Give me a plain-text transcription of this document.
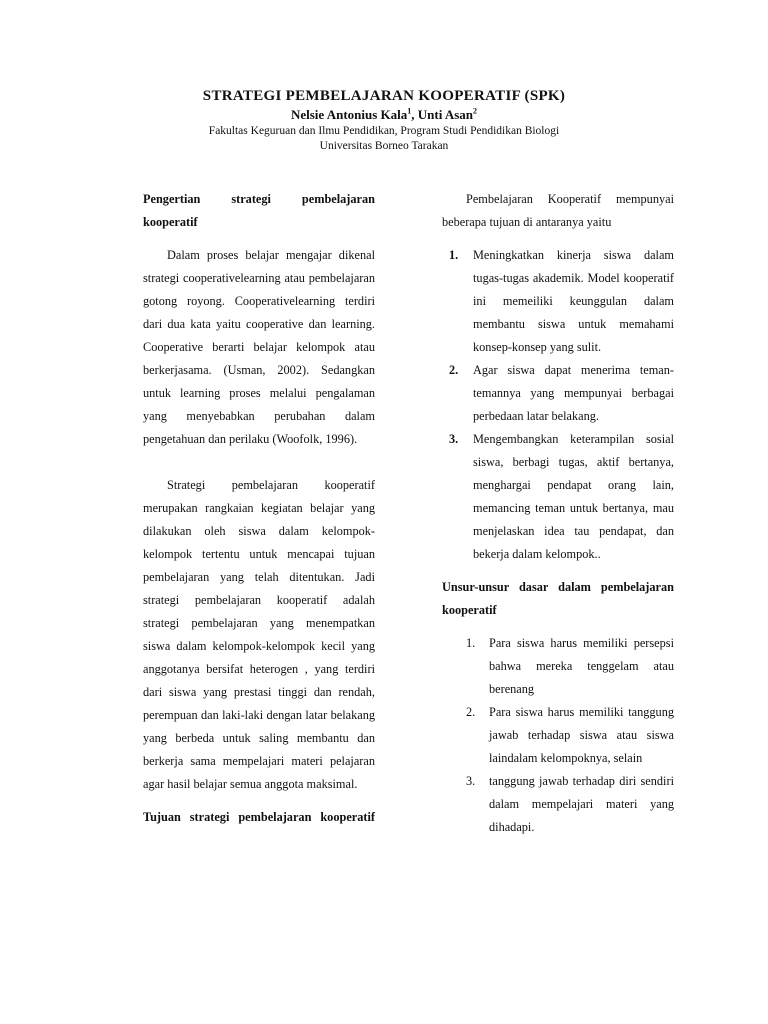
STRATEGI PEMBELAJARAN KOOPERATIF (SPK)
Nelsie Antonius Kala$^1$, Unti Asan$^2$
Fakultas Keguruan dan Ilmu Pendidikan, Program Studi Pendidikan Biologi
Universitas Borneo Tarakan
Pengertian strategi pembelajaran kooperatif

Dalam proses belajar mengajar dikenal strategi cooperativelearning atau pembelajaran gotong royong. Cooperativelearning terdiri dari dua kata yaitu cooperative dan learning. Cooperative berarti belajar kelompok atau berkerjasama. (Usman, 2002). Sedangkan untuk learning proses melalui pengalaman yang menyebabkan perubahan dalam pengetahuan dan perilaku (Woofolk, 1996).

Strategi pembelajaran kooperatif merupakan rangkaian kegiatan belajar yang dilakukan oleh siswa dalam kelompok-kelompok tertentu untuk mencapai tujuan pembelajaran yang telah ditentukan. Jadi strategi pembelajaran kooperatif adalah strategi pembelajaran yang menempatkan siswa dalam kelompok-kelompok kecil yang anggotanya bersifat heterogen , yang terdiri dari siswa yang prestasi tinggi dan rendah, perempuan dan laki-laki dengan latar belakang yang berbeda untuk saling membantu dan berkerja sama mempelajari materi pelajaran agar hasil belajar semua anggota maksimal.

Tujuan strategi pembelajaran kooperatif

Pembelajaran Kooperatif mempunyai beberapa tujuan di antaranya yaitu

1. Meningkatkan kinerja siswa dalam tugas-tugas akademik. Model kooperatif ini memeiliki keunggulan dalam membantu siswa untuk memahami konsep-konsep yang sulit.
2. Agar siswa dapat menerima teman-temannya yang mempunyai berbagai perbedaan latar belakang.
3. Mengembangkan keterampilan sosial siswa, berbagi tugas, aktif bertanya, menghargai pendapat orang lain, memancing teman untuk bertanya, mau menjelaskan idea tau pendapat, dan bekerja dalam kelompok..
Unsur-unsur dasar dalam pembelajaran kooperatif
1. Para siswa harus memiliki persepsi bahwa mereka tenggelam atau berenang
2. Para siswa harus memiliki tanggung jawab terhadap siswa atau siswa laindalam kelompoknya, selain
3. tanggung jawab terhadap diri sendiri dalam mempelajari materi yang dihadapi.
